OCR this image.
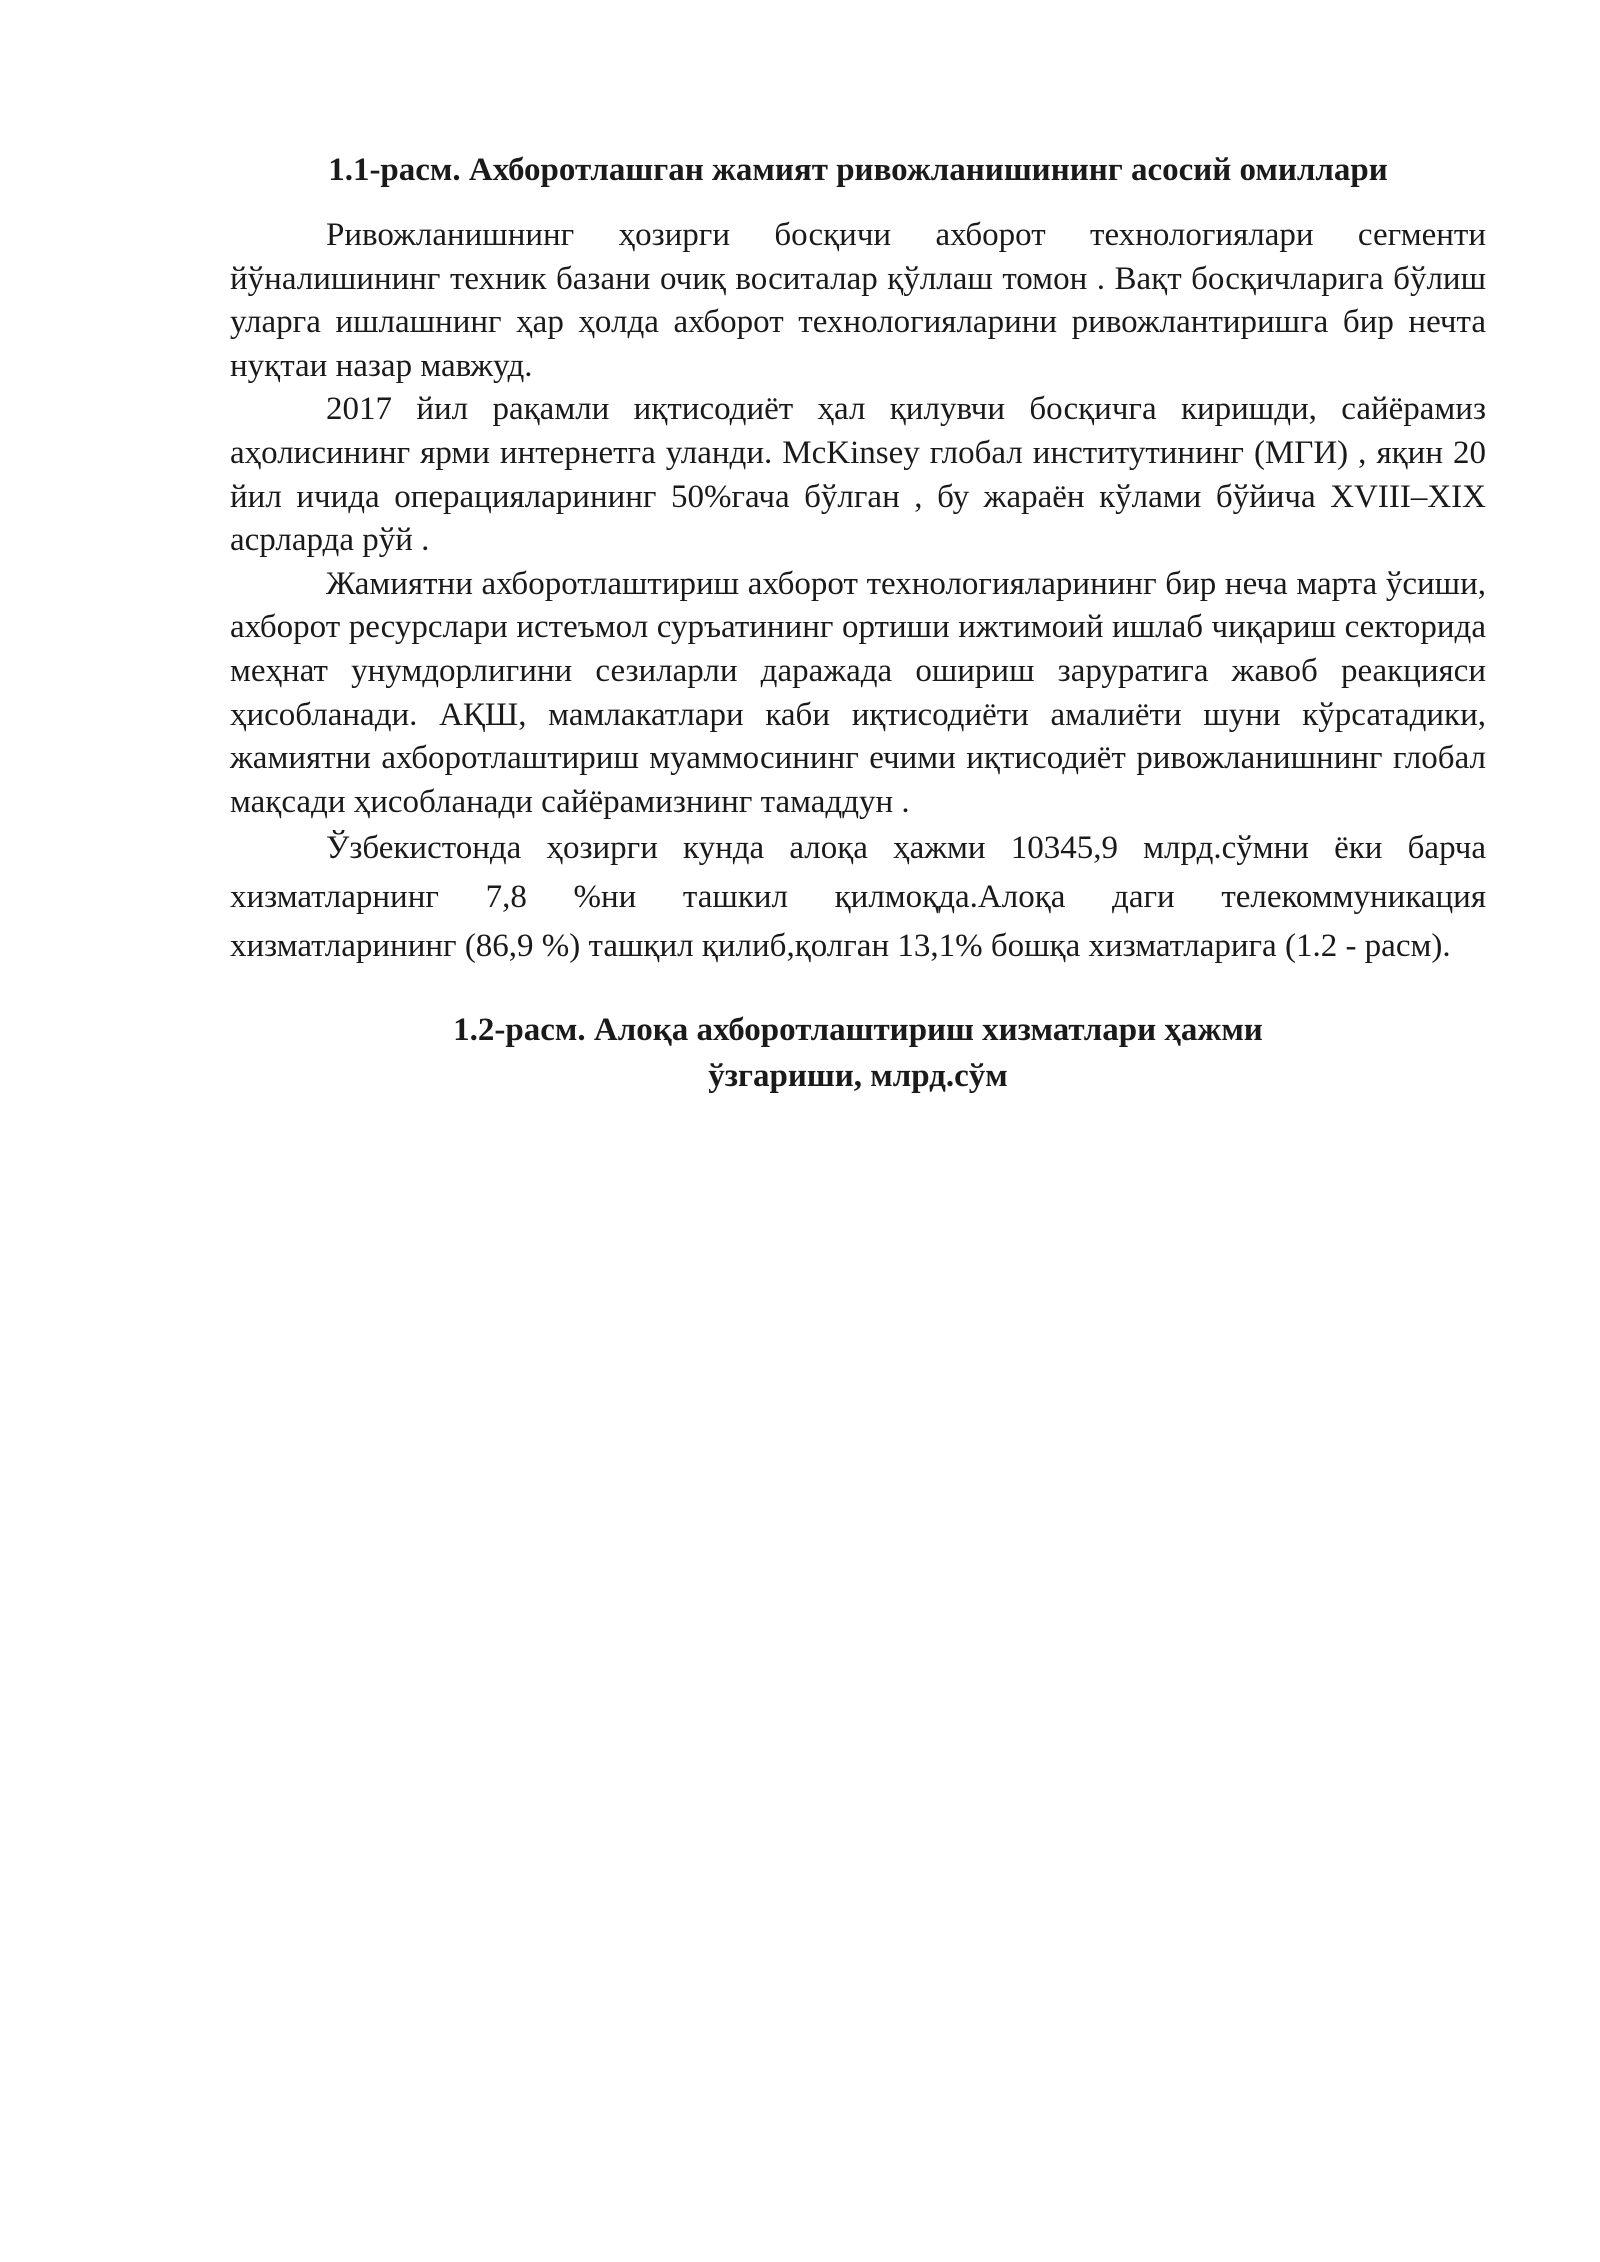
1.1-расм. Ахборотлашган жамият ривожланишининг асосий омиллари

Ривожланишнинг ҳозирги босқичи ахборот технологиялари сегменти йўналишининг техник базани очиқ воситалар қўллаш томон . Вақт босқичларига бўлиш уларга ишлашнинг ҳар ҳолда ахборот технологияларини ривожлантиришга бир нечта нуқтаи назар мавжуд.

2017 йил рақамли иқтисодиёт ҳал қилувчи босқичга киришди, сайёрамиз аҳолисининг ярми интернетга уланди. McKinsey глобал институтининг (МГИ) , яқин 20 йил ичида операцияларининг 50%гача бўлган , бу жараён кўлами бўйича XVIII–XIX асрларда рўй .

Жамиятни ахборотлаштириш ахборот технологияларининг бир неча марта ўсиши, ахборот ресурслари истеъмол суръатининг ортиши ижтимоий ишлаб чиқариш секторида меҳнат унумдорлигини сезиларли даражада ошириш заруратига жавоб реакцияси ҳисобланади. АҚШ, мамлакатлари каби иқтисодиёти амалиёти шуни кўрсатадики, жамиятни ахборотлаштириш муаммосининг ечими иқтисодиёт ривожланишнинг глобал мақсади ҳисобланади сайёрамизнинг тамаддун .

Ўзбекистонда ҳозирги кунда алоқа ҳажми 10345,9 млрд.сўмни ёки барча хизматларнинг 7,8 %ни ташкил қилмоқда.Алоқа даги телекоммуникация хизматларининг (86,9 %) ташқил қилиб,қолган 13,1% бошқа хизматларига (1.2 - расм).

1.2-расм. Алоқа ахборотлаштириш хизматлари ҳажми
ўзгариши, млрд.сўм
